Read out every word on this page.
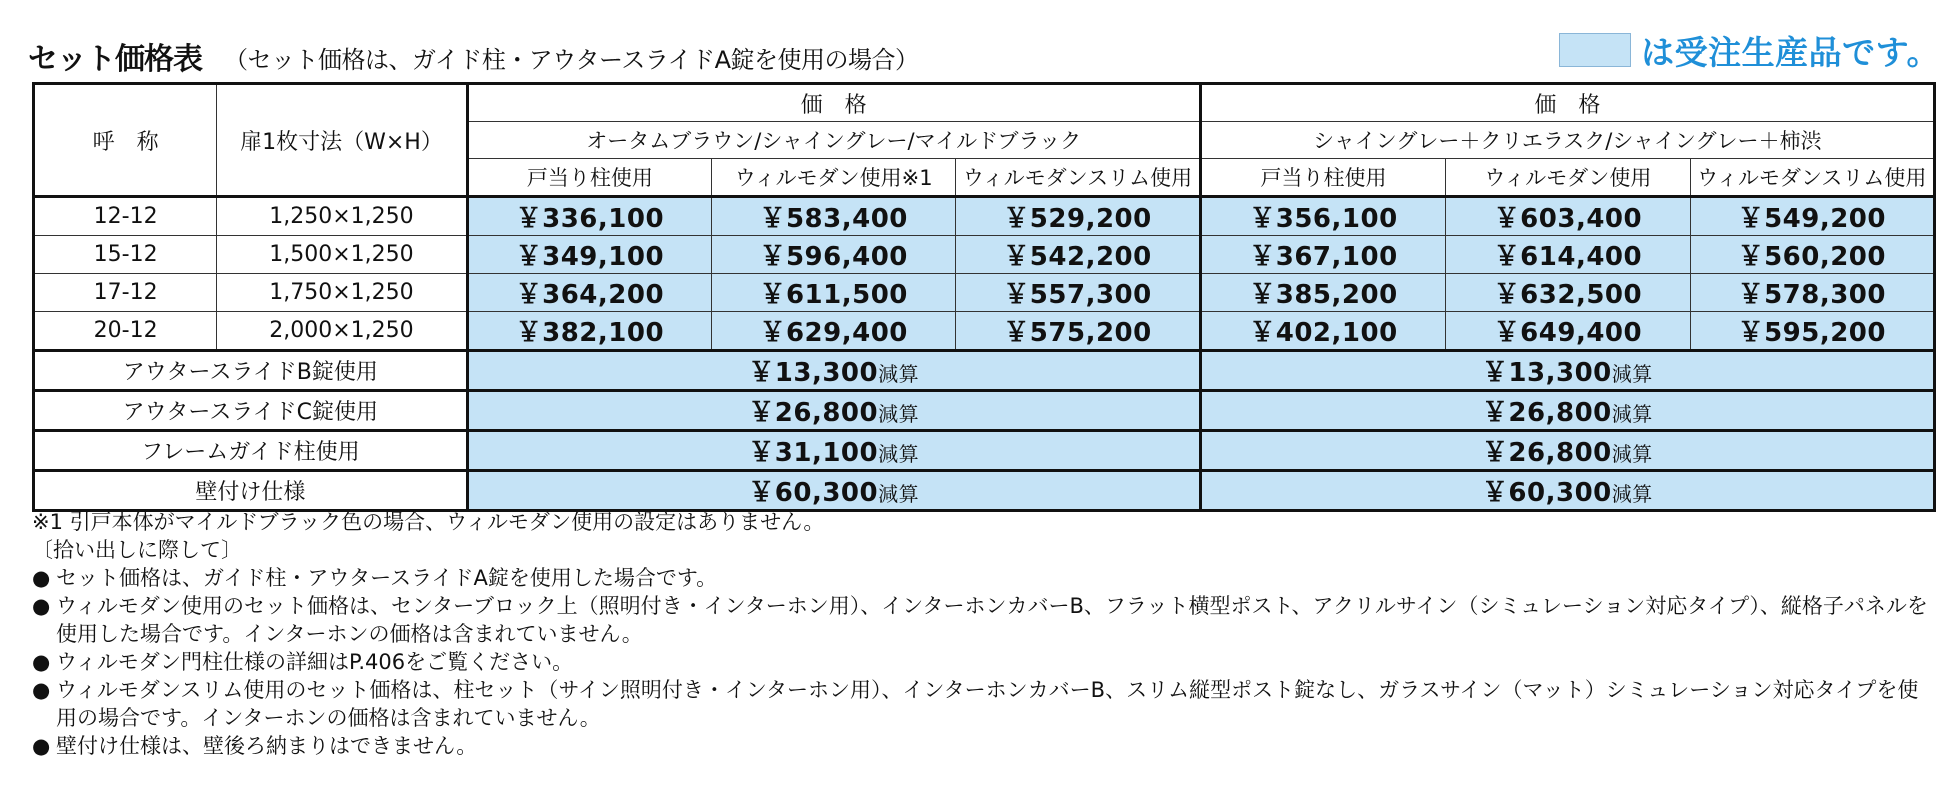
セット価格表 （セット価格は、ガイド柱・アウタースライドA錠を使用の場合）	は受注生産品です。
呼　称	扉1枚寸法（W×H）	価　格			価　格		
		オータムブラウン/シャイングレー/マイルドブラック			シャイングレー＋クリエラスク/シャイングレー＋柿渋		
		戸当り柱使用	ウィルモダン使用※1	ウィルモダンスリム使用	戸当り柱使用	ウィルモダン使用	ウィルモダンスリム使用
12-12	1,250×1,250	￥336,100	￥583,400	￥529,200	￥356,100	￥603,400	￥549,200
15-12	1,500×1,250	￥349,100	￥596,400	￥542,200	￥367,100	￥614,400	￥560,200
17-12	1,750×1,250	￥364,200	￥611,500	￥557,300	￥385,200	￥632,500	￥578,300
20-12	2,000×1,250	￥382,100	￥629,400	￥575,200	￥402,100	￥649,400	￥595,200
アウタースライドB錠使用		￥13,300減算			￥13,300減算		
アウタースライドC錠使用		￥26,800減算			￥26,800減算		
フレームガイド柱使用		￥31,100減算			￥26,800減算		
壁付け仕様		￥60,300減算			￥60,300減算		
※1 引戸本体がマイルドブラック色の場合、ウィルモダン使用の設定はありません。
〔拾い出しに際して〕
● セット価格は、ガイド柱・アウタースライドA錠を使用した場合です。
● ウィルモダン使用のセット価格は、センターブロック上（照明付き・インターホン用）、インターホンカバーB、フラット横型ポスト、アクリルサイン（シミュレーション対応タイプ）、縦格子パネルを使用した場合です。インターホンの価格は含まれていません。
● ウィルモダン門柱仕様の詳細はP.406をご覧ください。
● ウィルモダンスリム使用のセット価格は、柱セット（サイン照明付き・インターホン用）、インターホンカバーB、スリム縦型ポスト錠なし、ガラスサイン（マット）シミュレーション対応タイプを使用の場合です。インターホンの価格は含まれていません。
● 壁付け仕様は、壁後ろ納まりはできません。
